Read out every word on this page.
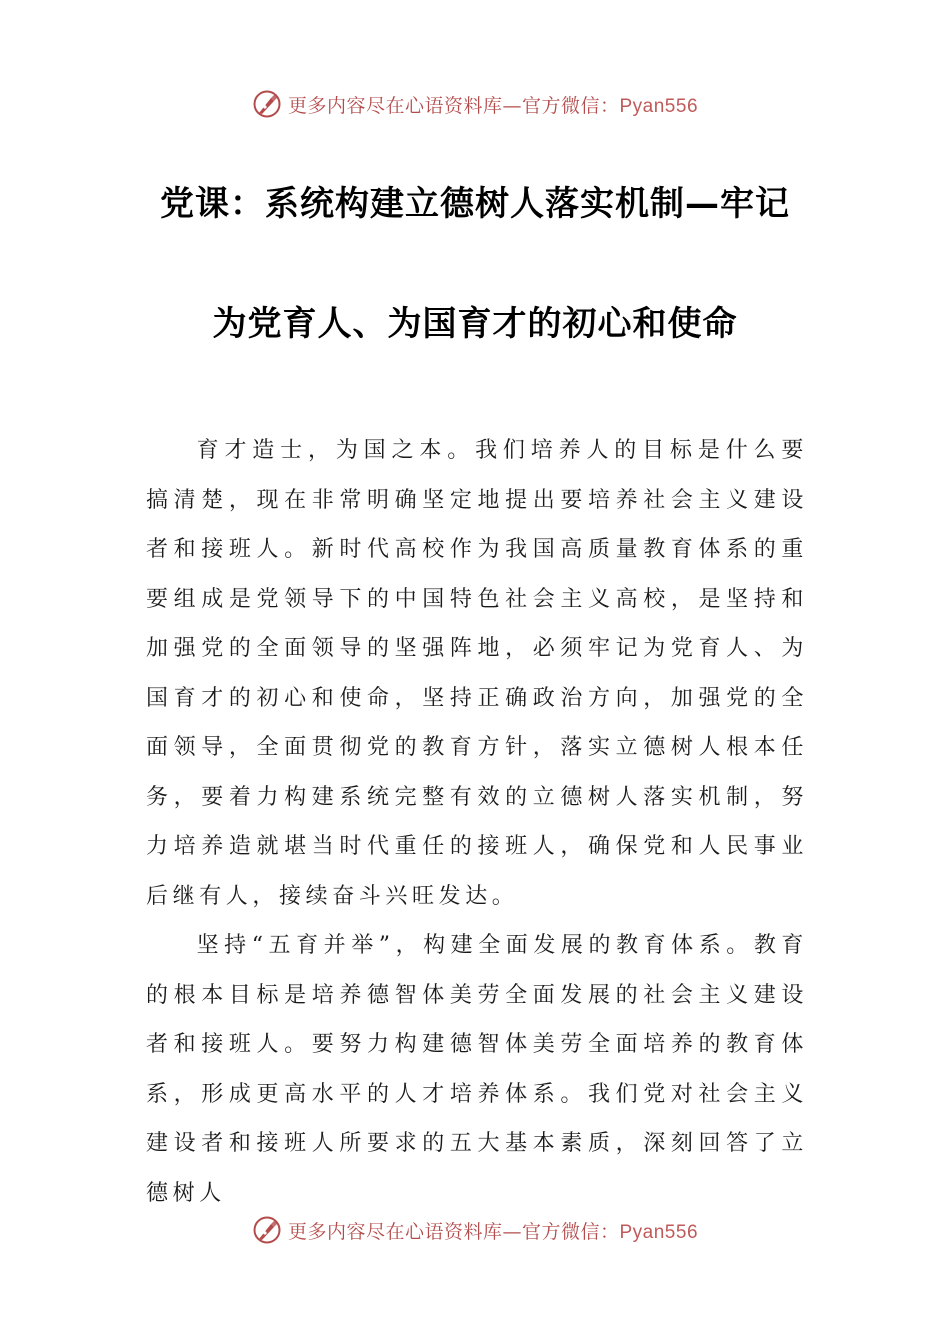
更多内容尽在心语资料库—官方微信：Pyan556
党课：系统构建立德树人落实机制—牢记
为党育人、为国育才的初心和使命

育才造士，为国之本。我们培养人的目标是什么要搞清楚，现在非常明确坚定地提出要培养社会主义建设者和接班人。新时代高校作为我国高质量教育体系的重要组成是党领导下的中国特色社会主义高校，是坚持和加强党的全面领导的坚强阵地，必须牢记为党育人、为国育才的初心和使命，坚持正确政治方向，加强党的全面领导，全面贯彻党的教育方针，落实立德树人根本任务，要着力构建系统完整有效的立德树人落实机制，努力培养造就堪当时代重任的接班人，确保党和人民事业后继有人，接续奋斗兴旺发达。

坚持“五育并举”，构建全面发展的教育体系。教育的根本目标是培养德智体美劳全面发展的社会主义建设者和接班人。要努力构建德智体美劳全面培养的教育体系，形成更高水平的人才培养体系。我们党对社会主义建设者和接班人所要求的五大基本素质，深刻回答了立德树人

更多内容尽在心语资料库—官方微信：Pyan556
